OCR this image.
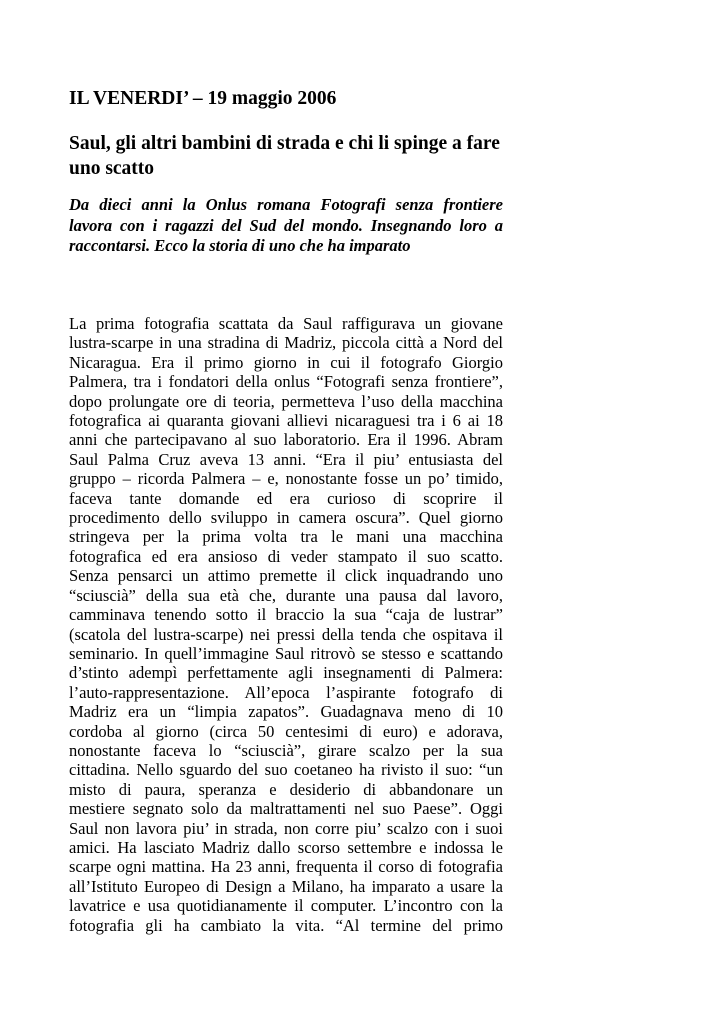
IL VENERDI’ – 19 maggio 2006
Saul, gli altri bambini di strada e chi li spinge a fare uno scatto
Da dieci anni la Onlus romana Fotografi senza frontiere
lavora con i ragazzi del Sud del mondo. Insegnando loro a
raccontarsi. Ecco la storia di uno che ha imparato
La prima fotografia scattata da Saul raffigurava un giovane
lustra-scarpe in una stradina di Madriz, piccola città a Nord del
Nicaragua. Era il primo giorno in cui il fotografo Giorgio
Palmera, tra i fondatori della onlus “Fotografi senza frontiere”,
dopo prolungate ore di teoria, permetteva l’uso della macchina
fotografica ai quaranta giovani allievi nicaraguesi tra i 6 ai 18
anni che partecipavano al suo laboratorio. Era il 1996. Abram
Saul Palma Cruz aveva 13 anni. “Era il piu’ entusiasta del
gruppo – ricorda Palmera – e, nonostante fosse un po’ timido,
faceva tante domande ed era curioso di scoprire il
procedimento dello sviluppo in camera oscura”. Quel giorno
stringeva per la prima volta tra le mani una macchina
fotografica ed era ansioso di veder stampato il suo scatto.
Senza pensarci un attimo premette il click inquadrando uno
“sciuscià” della sua età che, durante una pausa dal lavoro,
camminava tenendo sotto il braccio la sua “caja de lustrar”
(scatola del lustra-scarpe) nei pressi della tenda che ospitava il
seminario. In quell’immagine Saul ritrovò se stesso e scattando
d’stinto adempì perfettamente agli insegnamenti di Palmera:
l’auto-rappresentazione. All’epoca l’aspirante fotografo di
Madriz era un “limpia zapatos”. Guadagnava meno di 10
cordoba al giorno (circa 50 centesimi di euro) e adorava,
nonostante faceva lo “sciuscià”, girare scalzo per la sua
cittadina. Nello sguardo del suo coetaneo ha rivisto il suo: “un
misto di paura, speranza e desiderio di abbandonare un
mestiere segnato solo da maltrattamenti nel suo Paese”. Oggi
Saul non lavora piu’ in strada, non corre piu’ scalzo con i suoi
amici. Ha lasciato Madriz dallo scorso settembre e indossa le
scarpe ogni mattina. Ha 23 anni, frequenta il corso di fotografia
all’Istituto Europeo di Design a Milano, ha imparato a usare la
lavatrice e usa quotidianamente il computer. L’incontro con la
fotografia gli ha cambiato la vita. “Al termine del primo
